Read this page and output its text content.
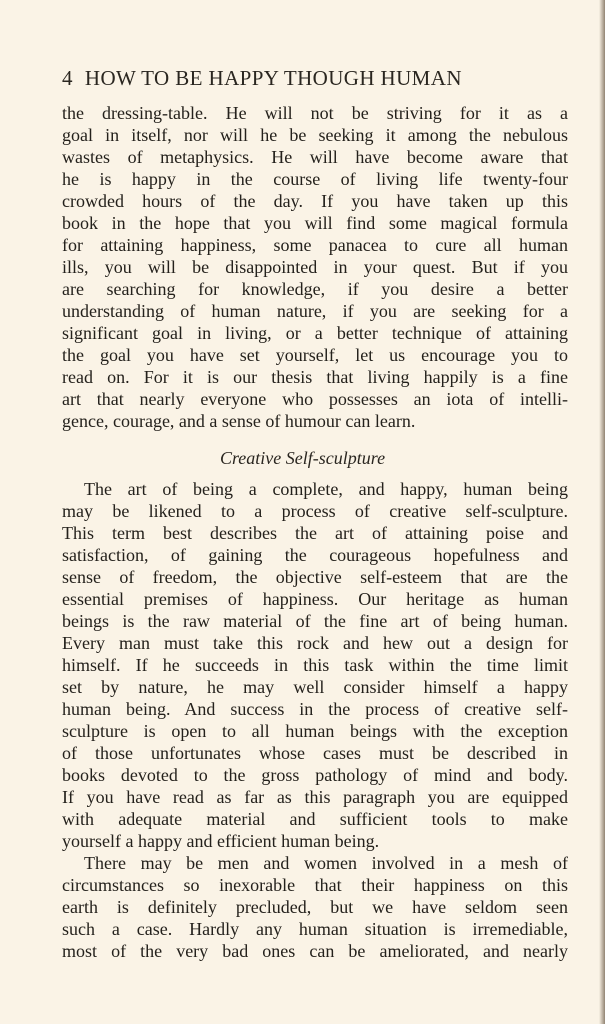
4 HOW TO BE HAPPY THOUGH HUMAN
the dressing-table. He will not be striving for it as a
goal in itself, nor will he be seeking it among the nebulous
wastes of metaphysics. He will have become aware that
he is happy in the course of living life twenty-four
crowded hours of the day. If you have taken up this
book in the hope that you will find some magical formula
for attaining happiness, some panacea to cure all human
ills, you will be disappointed in your quest. But if you
are searching for knowledge, if you desire a better
understanding of human nature, if you are seeking for a
significant goal in living, or a better technique of attaining
the goal you have set yourself, let us encourage you to
read on. For it is our thesis that living happily is a fine
art that nearly everyone who possesses an iota of intelli-
gence, courage, and a sense of humour can learn.
Creative Self-sculpture
The art of being a complete, and happy, human being
may be likened to a process of creative self-sculpture.
This term best describes the art of attaining poise and
satisfaction, of gaining the courageous hopefulness and
sense of freedom, the objective self-esteem that are the
essential premises of happiness. Our heritage as human
beings is the raw material of the fine art of being human.
Every man must take this rock and hew out a design for
himself. If he succeeds in this task within the time limit
set by nature, he may well consider himself a happy
human being. And success in the process of creative self-
sculpture is open to all human beings with the exception
of those unfortunates whose cases must be described in
books devoted to the gross pathology of mind and body.
If you have read as far as this paragraph you are equipped
with adequate material and sufficient tools to make
yourself a happy and efficient human being.
There may be men and women involved in a mesh of
circumstances so inexorable that their happiness on this
earth is definitely precluded, but we have seldom seen
such a case. Hardly any human situation is irremediable,
most of the very bad ones can be ameliorated, and nearly
